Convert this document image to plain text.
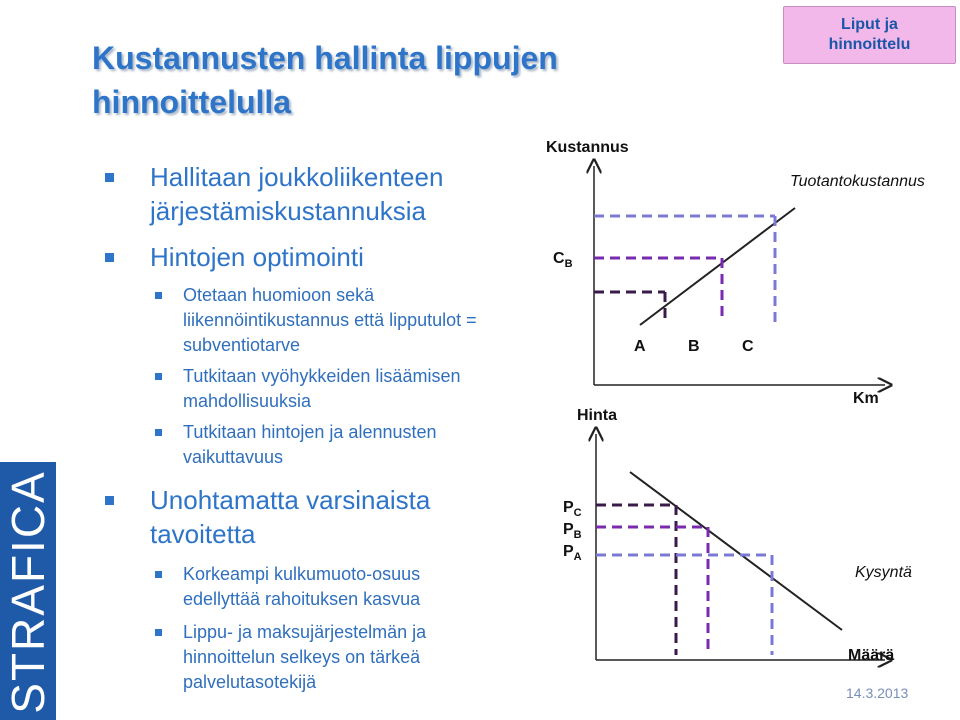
Kustannusten hallinta lippujen
hinnoittelulla
Liput ja
hinnoittelu
Hallitaan joukkoliikenteen
järjestämiskustannuksia
Hintojen optimointi
Otetaan huomioon sekä
liikennöintikustannus että lipputulot =
subventiotarve
Tutkitaan vyöhykkeiden lisäämisen
mahdollisuuksia
Tutkitaan hintojen ja alennusten
vaikuttavuus
Unohtamatta varsinaista
tavoitetta
Korkeampi kulkumuoto-osuus
edellyttää rahoituksen kasvua
Lippu- ja maksujärjestelmän ja
hinnoittelun selkeys on tärkeä
palvelutasotekijä
Kustannus
Km
Tuotantokustannus
$C_B$
A	B	C
Hinta
Määrä
Kysyntä
$P_C$
$P_B$
$P_A$
STRAFICA	14.3.2013
